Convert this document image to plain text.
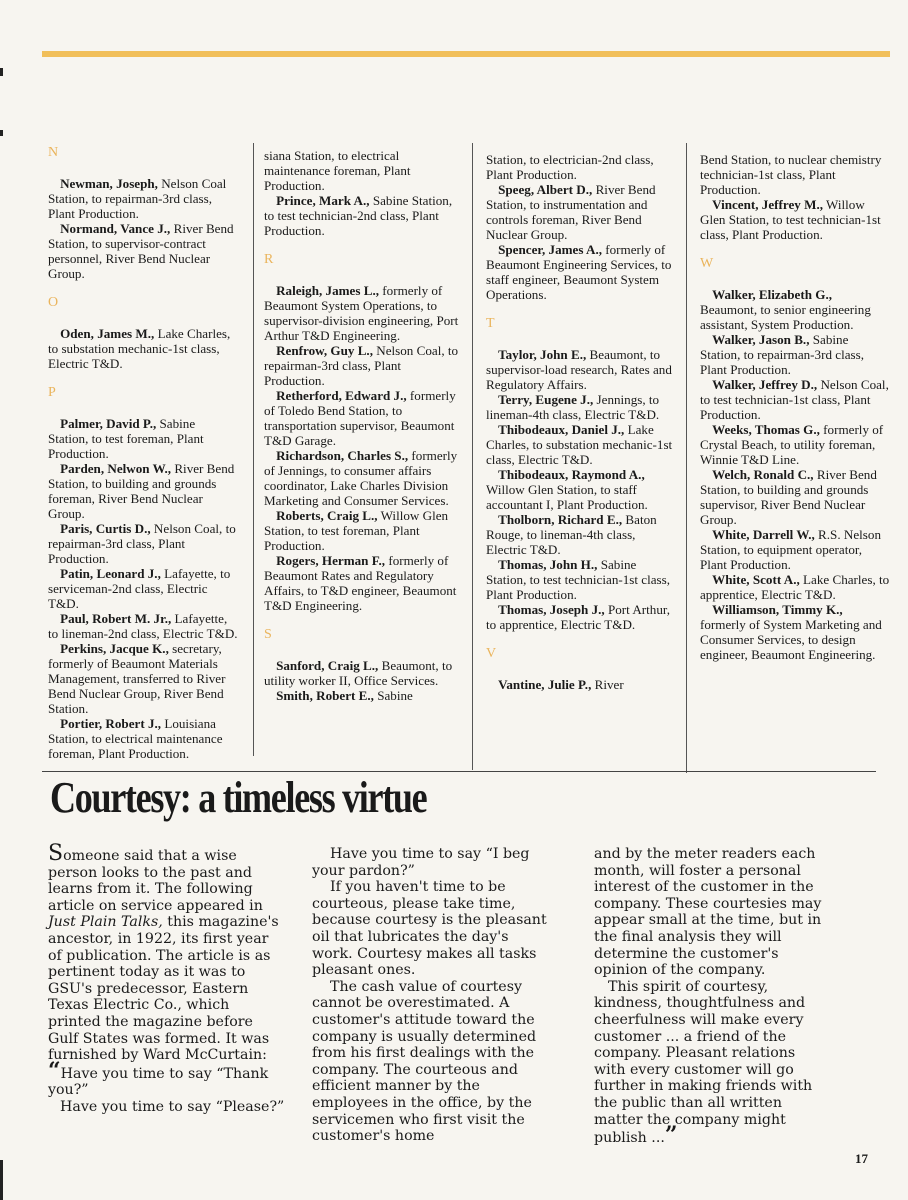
N

Newman, Joseph, Nelson Coal Station, to repairman-3rd class, Plant Production.

Normand, Vance J., River Bend Station, to supervisor-contract personnel, River Bend Nuclear Group.

O

Oden, James M., Lake Charles, to substation mechanic-1st class, Electric T&D.

P

Palmer, David P., Sabine Station, to test foreman, Plant Production.

Parden, Nelwon W., River Bend Station, to building and grounds foreman, River Bend Nuclear Group.

Paris, Curtis D., Nelson Coal, to repairman-3rd class, Plant Production.

Patin, Leonard J., Lafayette, to serviceman-2nd class, Electric T&D.

Paul, Robert M. Jr., Lafayette, to lineman-2nd class, Electric T&D.

Perkins, Jacque K., secretary, formerly of Beaumont Materials Management, transferred to River Bend Nuclear Group, River Bend Station.

Portier, Robert J., Louisiana Station, to electrical maintenance foreman, Plant Production.

siana Station, to electrical maintenance foreman, Plant Production.

Prince, Mark A., Sabine Station, to test technician-2nd class, Plant Production.

R

Raleigh, James L., formerly of Beaumont System Operations, to supervisor-division engineering, Port Arthur T&D Engineering.

Renfrow, Guy L., Nelson Coal, to repairman-3rd class, Plant Production.

Retherford, Edward J., formerly of Toledo Bend Station, to transportation supervisor, Beaumont T&D Garage.

Richardson, Charles S., formerly of Jennings, to consumer affairs coordinator, Lake Charles Division Marketing and Consumer Services.

Roberts, Craig L., Willow Glen Station, to test foreman, Plant Production.

Rogers, Herman F., formerly of Beaumont Rates and Regulatory Affairs, to T&D engineer, Beaumont T&D Engineering.

S

Sanford, Craig L., Beaumont, to utility worker II, Office Services.

Smith, Robert E., Sabine

Station, to electrician-2nd class, Plant Production.

Speeg, Albert D., River Bend Station, to instrumentation and controls foreman, River Bend Nuclear Group.

Spencer, James A., formerly of Beaumont Engineering Services, to staff engineer, Beaumont System Operations.

T

Taylor, John E., Beaumont, to supervisor-load research, Rates and Regulatory Affairs.

Terry, Eugene J., Jennings, to lineman-4th class, Electric T&D.

Thibodeaux, Daniel J., Lake Charles, to substation mechanic-1st class, Electric T&D.

Thibodeaux, Raymond A., Willow Glen Station, to staff accountant I, Plant Production.

Tholborn, Richard E., Baton Rouge, to lineman-4th class, Electric T&D.

Thomas, John H., Sabine Station, to test technician-1st class, Plant Production.

Thomas, Joseph J., Port Arthur, to apprentice, Electric T&D.

V

Vantine, Julie P., River

Bend Station, to nuclear chemistry technician-1st class, Plant Production.

Vincent, Jeffrey M., Willow Glen Station, to test technician-1st class, Plant Production.

W

Walker, Elizabeth G., Beaumont, to senior engineering assistant, System Production.

Walker, Jason B., Sabine Station, to repairman-3rd class, Plant Production.

Walker, Jeffrey D., Nelson Coal, to test technician-1st class, Plant Production.

Weeks, Thomas G., formerly of Crystal Beach, to utility foreman, Winnie T&D Line.

Welch, Ronald C., River Bend Station, to building and grounds supervisor, River Bend Nuclear Group.

White, Darrell W., R.S. Nelson Station, to equipment operator, Plant Production.

White, Scott A., Lake Charles, to apprentice, Electric T&D.

Williamson, Timmy K., formerly of System Marketing and Consumer Services, to design engineer, Beaumont Engineering.

Courtesy: a timeless virtue

Someone said that a wise person looks to the past and learns from it. The following article on service appeared in Just Plain Talks, this magazine's ancestor, in 1922, its first year of publication. The article is as pertinent today as it was to GSU's predecessor, Eastern Texas Electric Co., which printed the magazine before Gulf States was formed. It was furnished by Ward McCurtain:

“Have you time to say “Thank you?”

Have you time to say “Please?”

Have you time to say “I beg your pardon?”

If you haven't time to be courteous, please take time, because courtesy is the pleasant oil that lubricates the day's work. Courtesy makes all tasks pleasant ones.

The cash value of courtesy cannot be overestimated. A customer's attitude toward the company is usually determined from his first dealings with the company. The courteous and efficient manner by the employees in the office, by the servicemen who first visit the customer's home

and by the meter readers each month, will foster a personal interest of the customer in the company. These courtesies may appear small at the time, but in the final analysis they will determine the customer's opinion of the company.

This spirit of courtesy, kindness, thoughtfulness and cheerfulness will make every customer ... a friend of the company. Pleasant relations with every customer will go further in making friends with the public than all written matter the company might publish ...”

17
